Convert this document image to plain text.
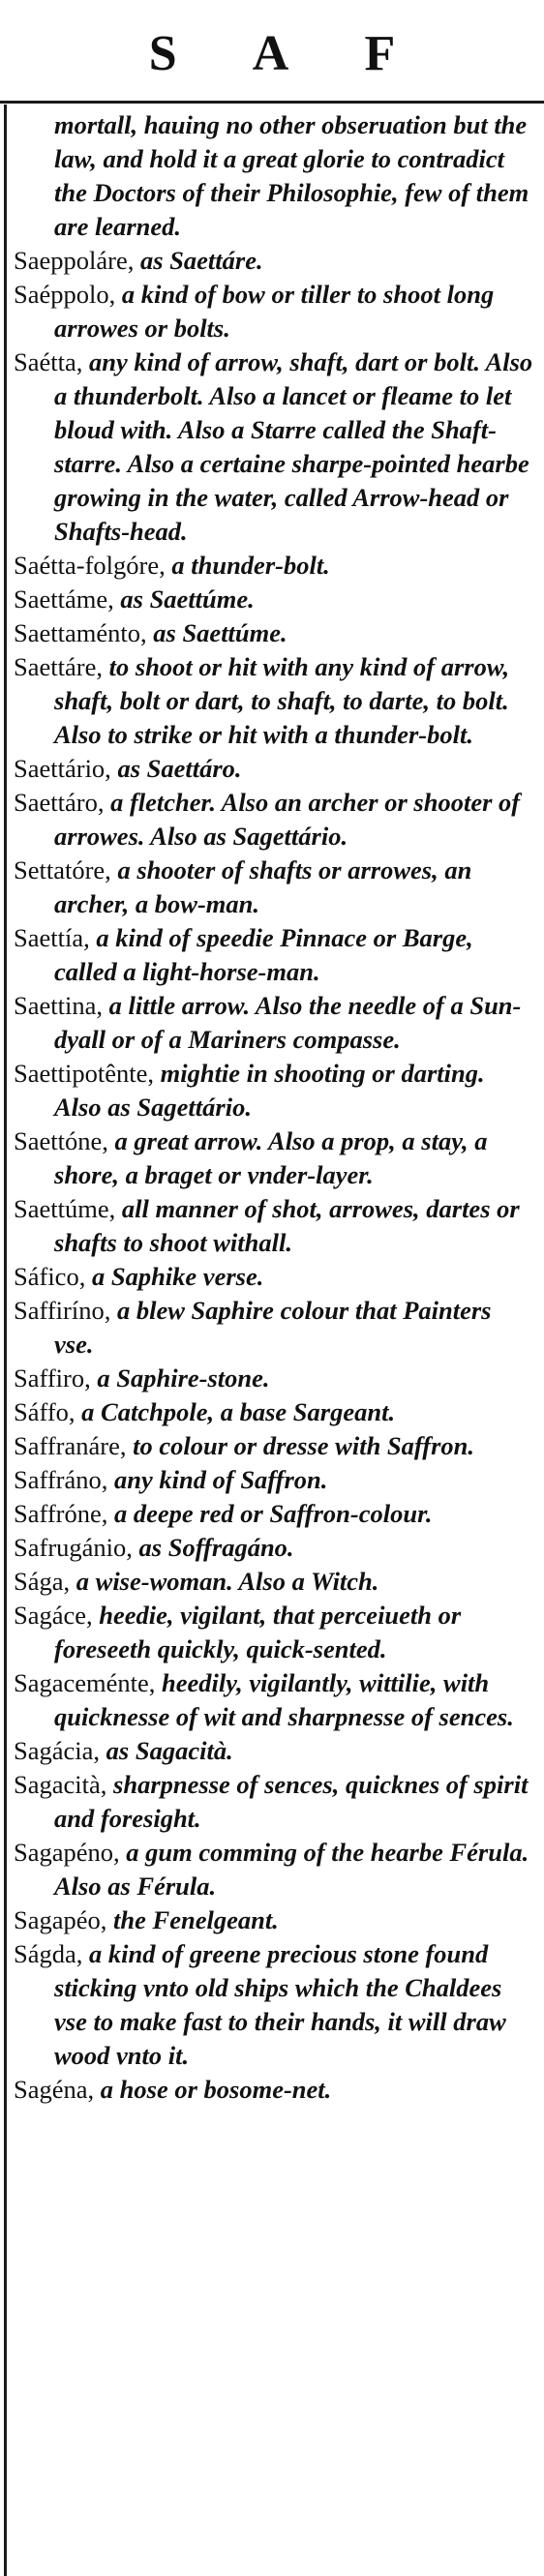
S A F

mortall, hauing no other obseruation but the law, and hold it a great glorie to contradict the Doctors of their Philosophie, few of them are learned.

Saeppoláre, as Saettáre.

Saéppolo, a kind of bow or tiller to shoot long arrowes or bolts.

Saétta, any kind of arrow, shaft, dart or bolt. Also a thunderbolt. Also a lancet or fleame to let bloud with. Also a Starre called the Shaft-starre. Also a certaine sharpe-pointed hearbe growing in the water, called Arrow-head or Shafts-head.

Saétta-folgóre, a thunder-bolt.

Saettáme, as Saettúme.

Saettaménto, as Saettúme.

Saettáre, to shoot or hit with any kind of arrow, shaft, bolt or dart, to shaft, to darte, to bolt. Also to strike or hit with a thunder-bolt.

Saettário, as Saettáro.

Saettáro, a fletcher. Also an archer or shooter of arrowes. Also as Sagettário.

Settatóre, a shooter of shafts or arrowes, an archer, a bow-man.

Saettía, a kind of speedie Pinnace or Barge, called a light-horse-man.

Saettina, a little arrow. Also the needle of a Sun-dyall or of a Mariners compasse.

Saettipotênte, mightie in shooting or darting. Also as Sagettário.

Saettóne, a great arrow. Also a prop, a stay, a shore, a braget or vnder-layer.

Saettúme, all manner of shot, arrowes, dartes or shafts to shoot withall.

Sáfico, a Saphike verse.

Saffiríno, a blew Saphire colour that Painters vse.

Saffiro, a Saphire-stone.

Sáffo, a Catchpole, a base Sargeant.

Saffranáre, to colour or dresse with Saffron.

Saffráno, any kind of Saffron.

Saffróne, a deepe red or Saffron-colour.

Safrugánio, as Soffragáno.

Sága, a wise-woman. Also a Witch.

Sagáce, heedie, vigilant, that perceiueth or foreseeth quickly, quick-sented.

Sagaceménte, heedily, vigilantly, wittilie, with quicknesse of wit and sharpnesse of sences.

Sagácia, as Sagacità.

Sagacità, sharpnesse of sences, quicknes of spirit and foresight.

Sagapéno, a gum comming of the hearbe Férula. Also as Férula.

Sagapéo, the Fenelgeant.

Ságda, a kind of greene precious stone found sticking vnto old ships which the Chaldees vse to make fast to their hands, it will draw wood vnto it.

Sagéna, a hose or bosome-net.
